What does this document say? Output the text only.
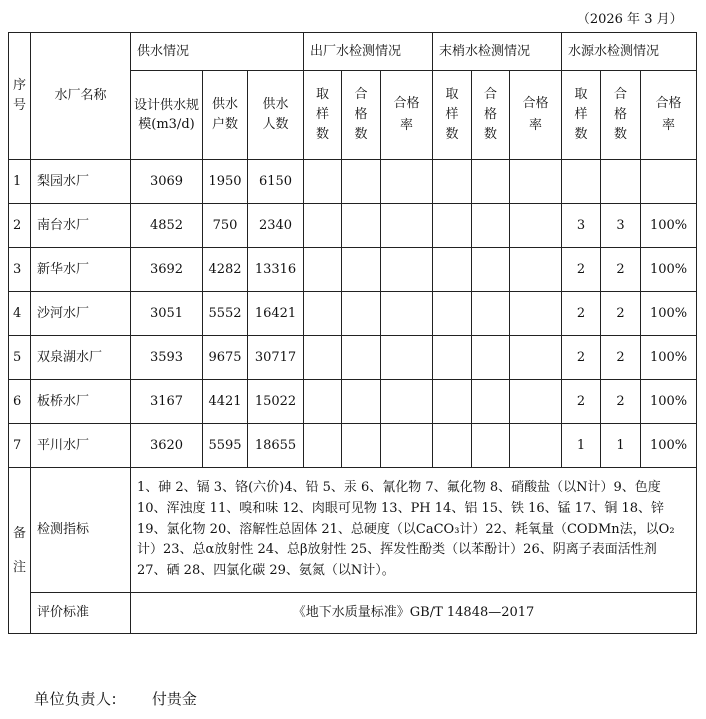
（2026 年 3 月）													
序号	水厂名称	供水情况			出厂水检测情况			末梢水检测情况			水源水检测情况		
		设计供水规模(m3/d)	供水户数	供水人数	取样数	合格数	合格率	取样数	合格数	合格率	取样数	合格数	合格率
1	梨园水厂	3069	1950	6150									
2	南台水厂	4852	750	2340							3	3	100%
3	新华水厂	3692	4282	13316							2	2	100%
4	沙河水厂	3051	5552	16421							2	2	100%
5	双泉湖水厂	3593	9675	30717							2	2	100%
6	板桥水厂	3167	4421	15022							2	2	100%
7	平川水厂	3620	5595	18655							1	1	100%
备注	检测指标	1、砷 2、镉 3、铬(六价)4、铅 5、汞 6、氰化物 7、氟化物 8、硝酸盐（以N计）9、色度 10、浑浊度 11、嗅和味 12、肉眼可见物 13、PH 14、铝 15、铁 16、锰 17、铜 18、锌 19、氯化物 20、溶解性总固体 21、总硬度（以CaCO₃计）22、耗氧量（CODMn法，以O₂计）23、总α放射性 24、总β放射性 25、挥发性酚类（以苯酚计）26、阴离子表面活性剂 27、硒 28、四氯化碳 29、氨氮（以N计）。											
	评价标准	《地下水质量标准》GB/T 14848—2017											
单位负责人: 付贵金
